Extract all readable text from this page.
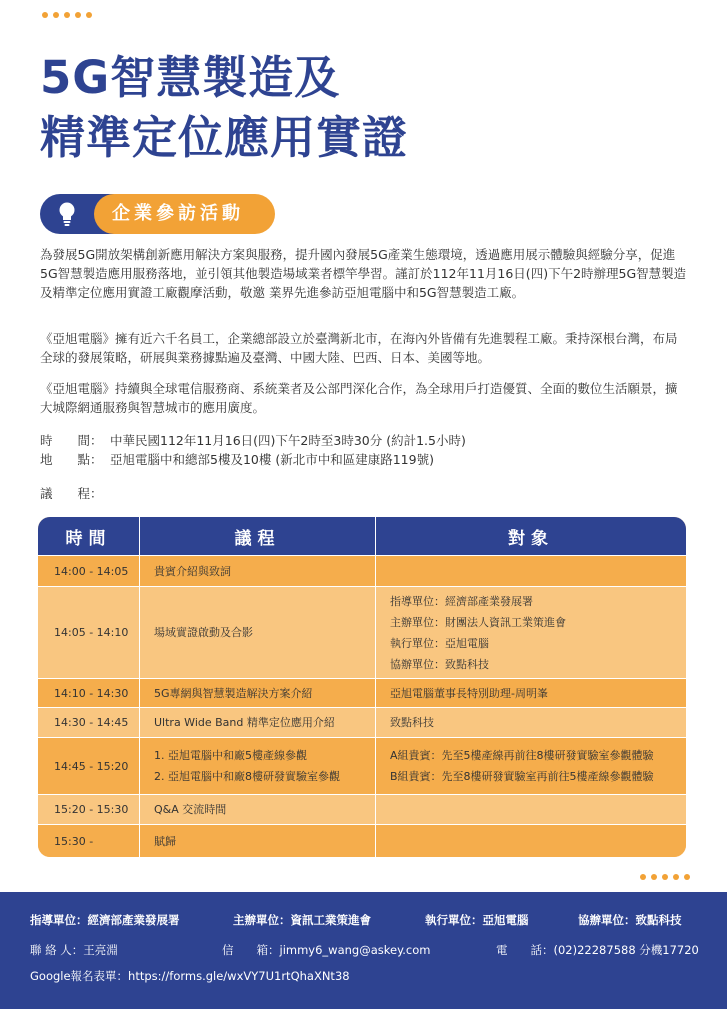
5G智慧製造及
精準定位應用實證
企業參訪活動

為發展5G開放架構創新應用解決方案與服務，提升國內發展5G產業生態環境，透過應用展示體驗與經驗分享，促進5G智慧製造應用服務落地，並引領其他製造場域業者標竿學習。謹訂於112年11月16日(四)下午2時辦理5G智慧製造及精準定位應用實證工廠觀摩活動，敬邀 業界先進參訪亞旭電腦中和5G智慧製造工廠。

《亞旭電腦》擁有近六千名員工，企業總部設立於臺灣新北市，在海內外皆備有先進製程工廠。秉持深根台灣，布局全球的發展策略，研展與業務據點遍及臺灣、中國大陸、巴西、日本、美國等地。

《亞旭電腦》持續與全球電信服務商、系統業者及公部門深化合作，為全球用戶打造優質、全面的數位生活願景，擴大城際網通服務與智慧城市的應用廣度。

時　　間： 中華民國112年11月16日(四)下午2時至3時30分 (約計1.5小時)
地　　點： 亞旭電腦中和總部5樓及10樓 (新北市中和區建康路119號)
議　　程：
時間	議程	對象
14:00 - 14:05	貴賓介紹與致詞	

14:05 - 14:10	場域實證啟動及合影	指導單位：經濟部產業發展署
主辦單位：財團法人資訊工業策進會
執行單位：亞旭電腦
協辦單位：致點科技

14:10 - 14:30	5G專網與智慧製造解決方案介紹	亞旭電腦董事長特別助理-周明峯

14:30 - 14:45	Ultra Wide Band 精準定位應用介紹	致點科技

14:45 - 15:20	1. 亞旭電腦中和廠5樓產線參觀
2. 亞旭電腦中和廠8樓研發實驗室參觀	A組貴賓：先至5樓產線再前往8樓研發實驗室參觀體驗
B組貴賓：先至8樓研發實驗室再前往5樓產線參觀體驗

15:20 - 15:30	Q&A 交流時間	

15:30 -	賦歸	

指導單位：經濟部產業發展署	主辦單位：資訊工業策進會	執行單位：亞旭電腦	協辦單位：致點科技
聯 絡 人：王亮淵	信　　箱：jimmy6_wang@askey.com	電　　話：(02)22287588 分機17720
Google報名表單：https://forms.gle/wxVY7U1rtQhaXNt38
